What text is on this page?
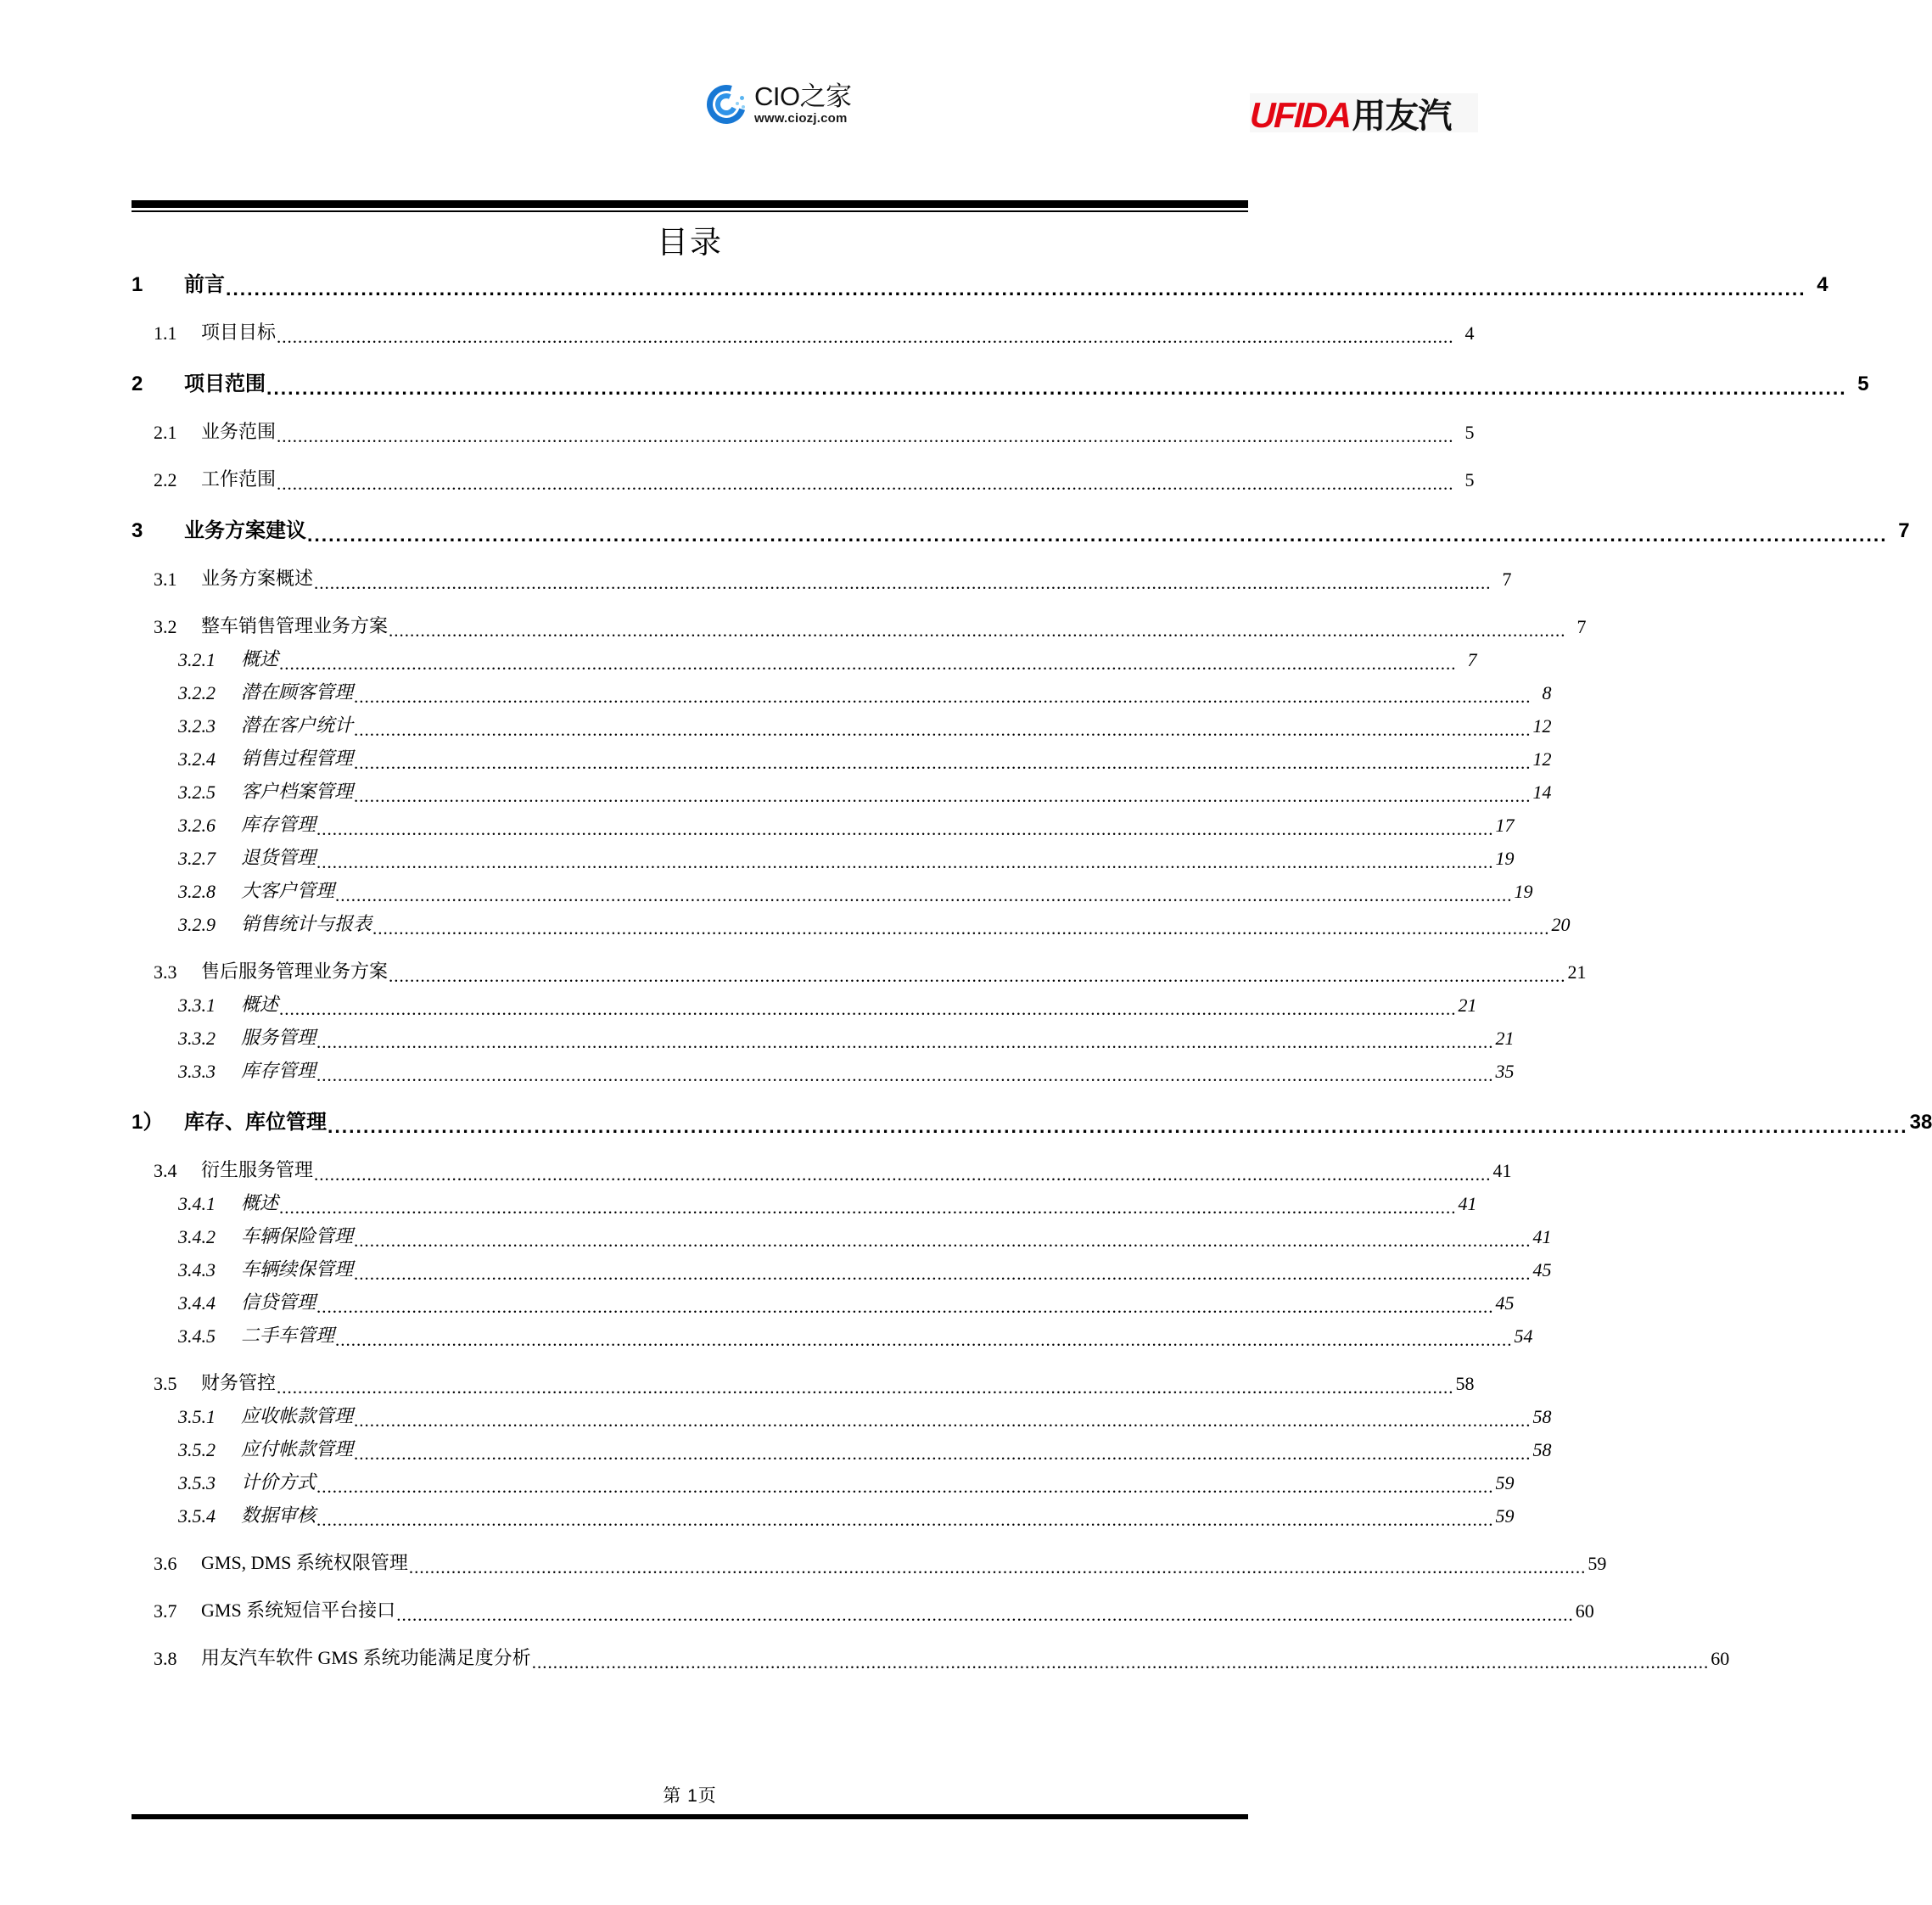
CIO之家
www.ciozj.com	UFIDA 用友汽
目录
1	前言 .....	4
1.1	项目目标 .....	4
2	项目范围 .....	5
2.1	业务范围 .....	5
2.2	工作范围 .....	5
3	业务方案建议 .....	7
3.1	业务方案概述 .....	7
3.2	整车销售管理业务方案 .....	7
3.2.1	概述 .....	7
3.2.2	潜在顾客管理 .....	8
3.2.3	潜在客户统计 .....	12
3.2.4	销售过程管理 .....	12
3.2.5	客户档案管理 .....	14
3.2.6	库存管理 .....	17
3.2.7	退货管理 .....	19
3.2.8	大客户管理 .....	19
3.2.9	销售统计与报表 .....	20
3.3	售后服务管理业务方案 .....	21
3.3.1	概述 .....	21
3.3.2	服务管理 .....	21
3.3.3	库存管理 .....	35
1）	库存、库位管理 .....	38
3.4	衍生服务管理 .....	41
3.4.1	概述 .....	41
3.4.2	车辆保险管理 .....	41
3.4.3	车辆续保管理 .....	45
3.4.4	信贷管理 .....	45
3.4.5	二手车管理 .....	54
3.5	财务管控 .....	58
3.5.1	应收帐款管理 .....	58
3.5.2	应付帐款管理 .....	58
3.5.3	计价方式 .....	59
3.5.4	数据审核 .....	59
3.6	GMS, DMS 系统权限管理 .....	59
3.7	GMS 系统短信平台接口 .....	60
3.8	用友汽车软件 GMS 系统功能满足度分析 .....	60
第 1页
